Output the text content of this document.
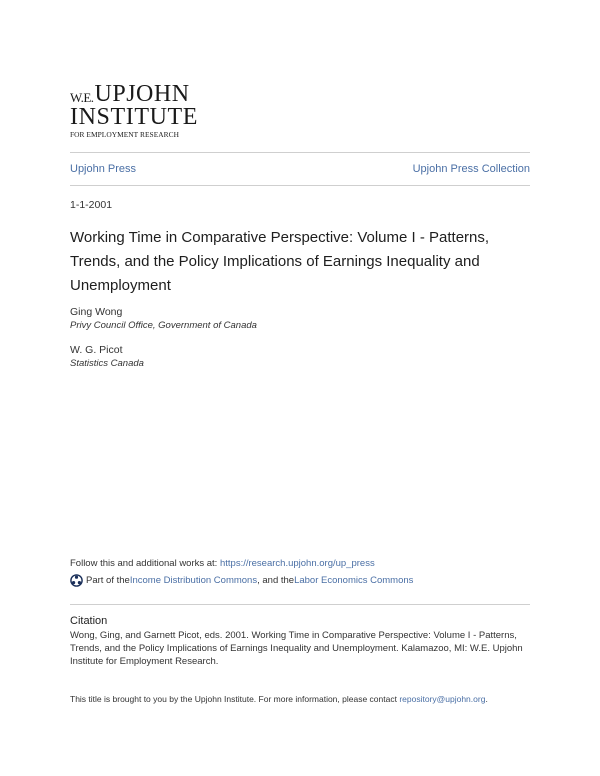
W.E. UPJOHN
INSTITUTE
FOR EMPLOYMENT RESEARCH
Upjohn Press	Upjohn Press Collection
1-1-2001
Working Time in Comparative Perspective: Volume I - Patterns, Trends, and the Policy Implications of Earnings Inequality and Unemployment
Ging Wong
Privy Council Office, Government of Canada
W. G. Picot
Statistics Canada
Follow this and additional works at: https://research.upjohn.org/up_press
Part of the Income Distribution Commons , and the Labor Economics Commons
Citation
Wong, Ging, and Garnett Picot, eds. 2001. Working Time in Comparative Perspective: Volume I - Patterns, Trends, and the Policy Implications of Earnings Inequality and Unemployment. Kalamazoo, MI: W.E. Upjohn Institute for Employment Research.
This title is brought to you by the Upjohn Institute. For more information, please contact repository@upjohn.org.
